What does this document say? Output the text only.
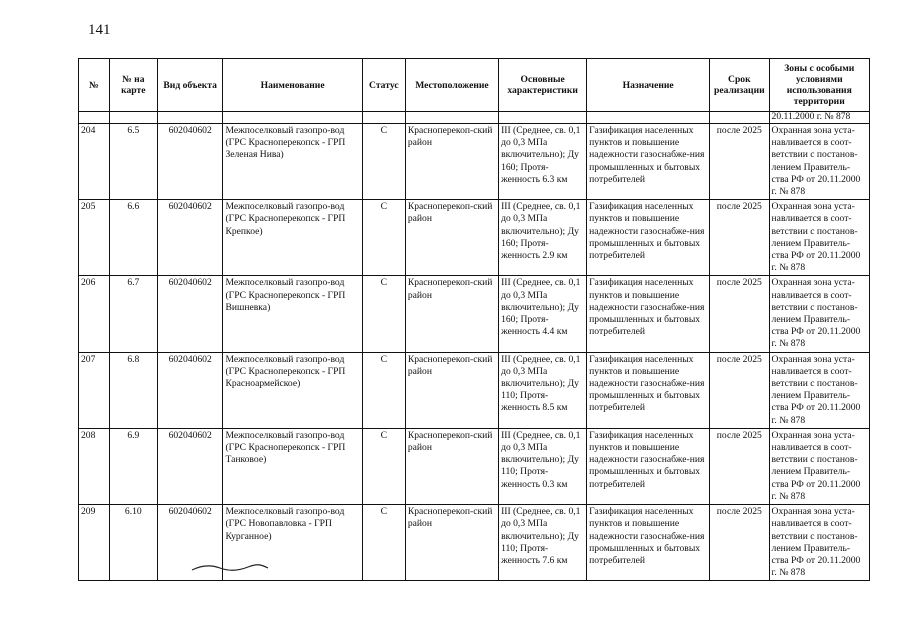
141
№	№ на карте	Вид объекта	Наименование	Статус	Местоположение	Основные характеристики	Назначение	Срок реализации	Зоны с особыми условиями использования территории
									20.11.2000 г. № 878
204	6.5	602040602	Межпоселковый газопро-вод (ГРС Красноперекопск - ГРП Зеленая Нива)	С	Красноперекоп-ский район	III (Среднее, св. 0,1 до 0,3 МПа включительно); Ду 160; Протя-женность 6.3 км	Газификация населенных пунктов и повышение надежности газоснабже-ния промышленных и бытовых потребителей	после 2025	Охранная зона уста-навливается в соот-ветствии с постанов-лением Правитель-ства РФ от 20.11.2000 г. № 878
205	6.6	602040602	Межпоселковый газопро-вод (ГРС Красноперекопск - ГРП Крепкое)	С	Красноперекоп-ский район	III (Среднее, св. 0,1 до 0,3 МПа включительно); Ду 160; Протя-женность 2.9 км	Газификация населенных пунктов и повышение надежности газоснабже-ния промышленных и бытовых потребителей	после 2025	Охранная зона уста-навливается в соот-ветствии с постанов-лением Правитель-ства РФ от 20.11.2000 г. № 878
206	6.7	602040602	Межпоселковый газопро-вод (ГРС Красноперекопск - ГРП Вишневка)	С	Красноперекоп-ский район	III (Среднее, св. 0,1 до 0,3 МПа включительно); Ду 160; Протя-женность 4.4 км	Газификация населенных пунктов и повышение надежности газоснабже-ния промышленных и бытовых потребителей	после 2025	Охранная зона уста-навливается в соот-ветствии с постанов-лением Правитель-ства РФ от 20.11.2000 г. № 878
207	6.8	602040602	Межпоселковый газопро-вод (ГРС Красноперекопск - ГРП Красноармейское)	С	Красноперекоп-ский район	III (Среднее, св. 0,1 до 0,3 МПа включительно); Ду 110; Протя-женность 8.5 км	Газификация населенных пунктов и повышение надежности газоснабже-ния промышленных и бытовых потребителей	после 2025	Охранная зона уста-навливается в соот-ветствии с постанов-лением Правитель-ства РФ от 20.11.2000 г. № 878
208	6.9	602040602	Межпоселковый газопро-вод (ГРС Красноперекопск - ГРП Танковое)	С	Красноперекоп-ский район	III (Среднее, св. 0,1 до 0,3 МПа включительно); Ду 110; Протя-женность 0.3 км	Газификация населенных пунктов и повышение надежности газоснабже-ния промышленных и бытовых потребителей	после 2025	Охранная зона уста-навливается в соот-ветствии с постанов-лением Правитель-ства РФ от 20.11.2000 г. № 878
209	6.10	602040602	Межпоселковый газопро-вод (ГРС Новопавловка - ГРП Курганное)	С	Красноперекоп-ский район	III (Среднее, св. 0,1 до 0,3 МПа включительно); Ду 110; Протя-женность 7.6 км	Газификация населенных пунктов и повышение надежности газоснабже-ния промышленных и бытовых потребителей	после 2025	Охранная зона уста-навливается в соот-ветствии с постанов-лением Правитель-ства РФ от 20.11.2000 г. № 878
